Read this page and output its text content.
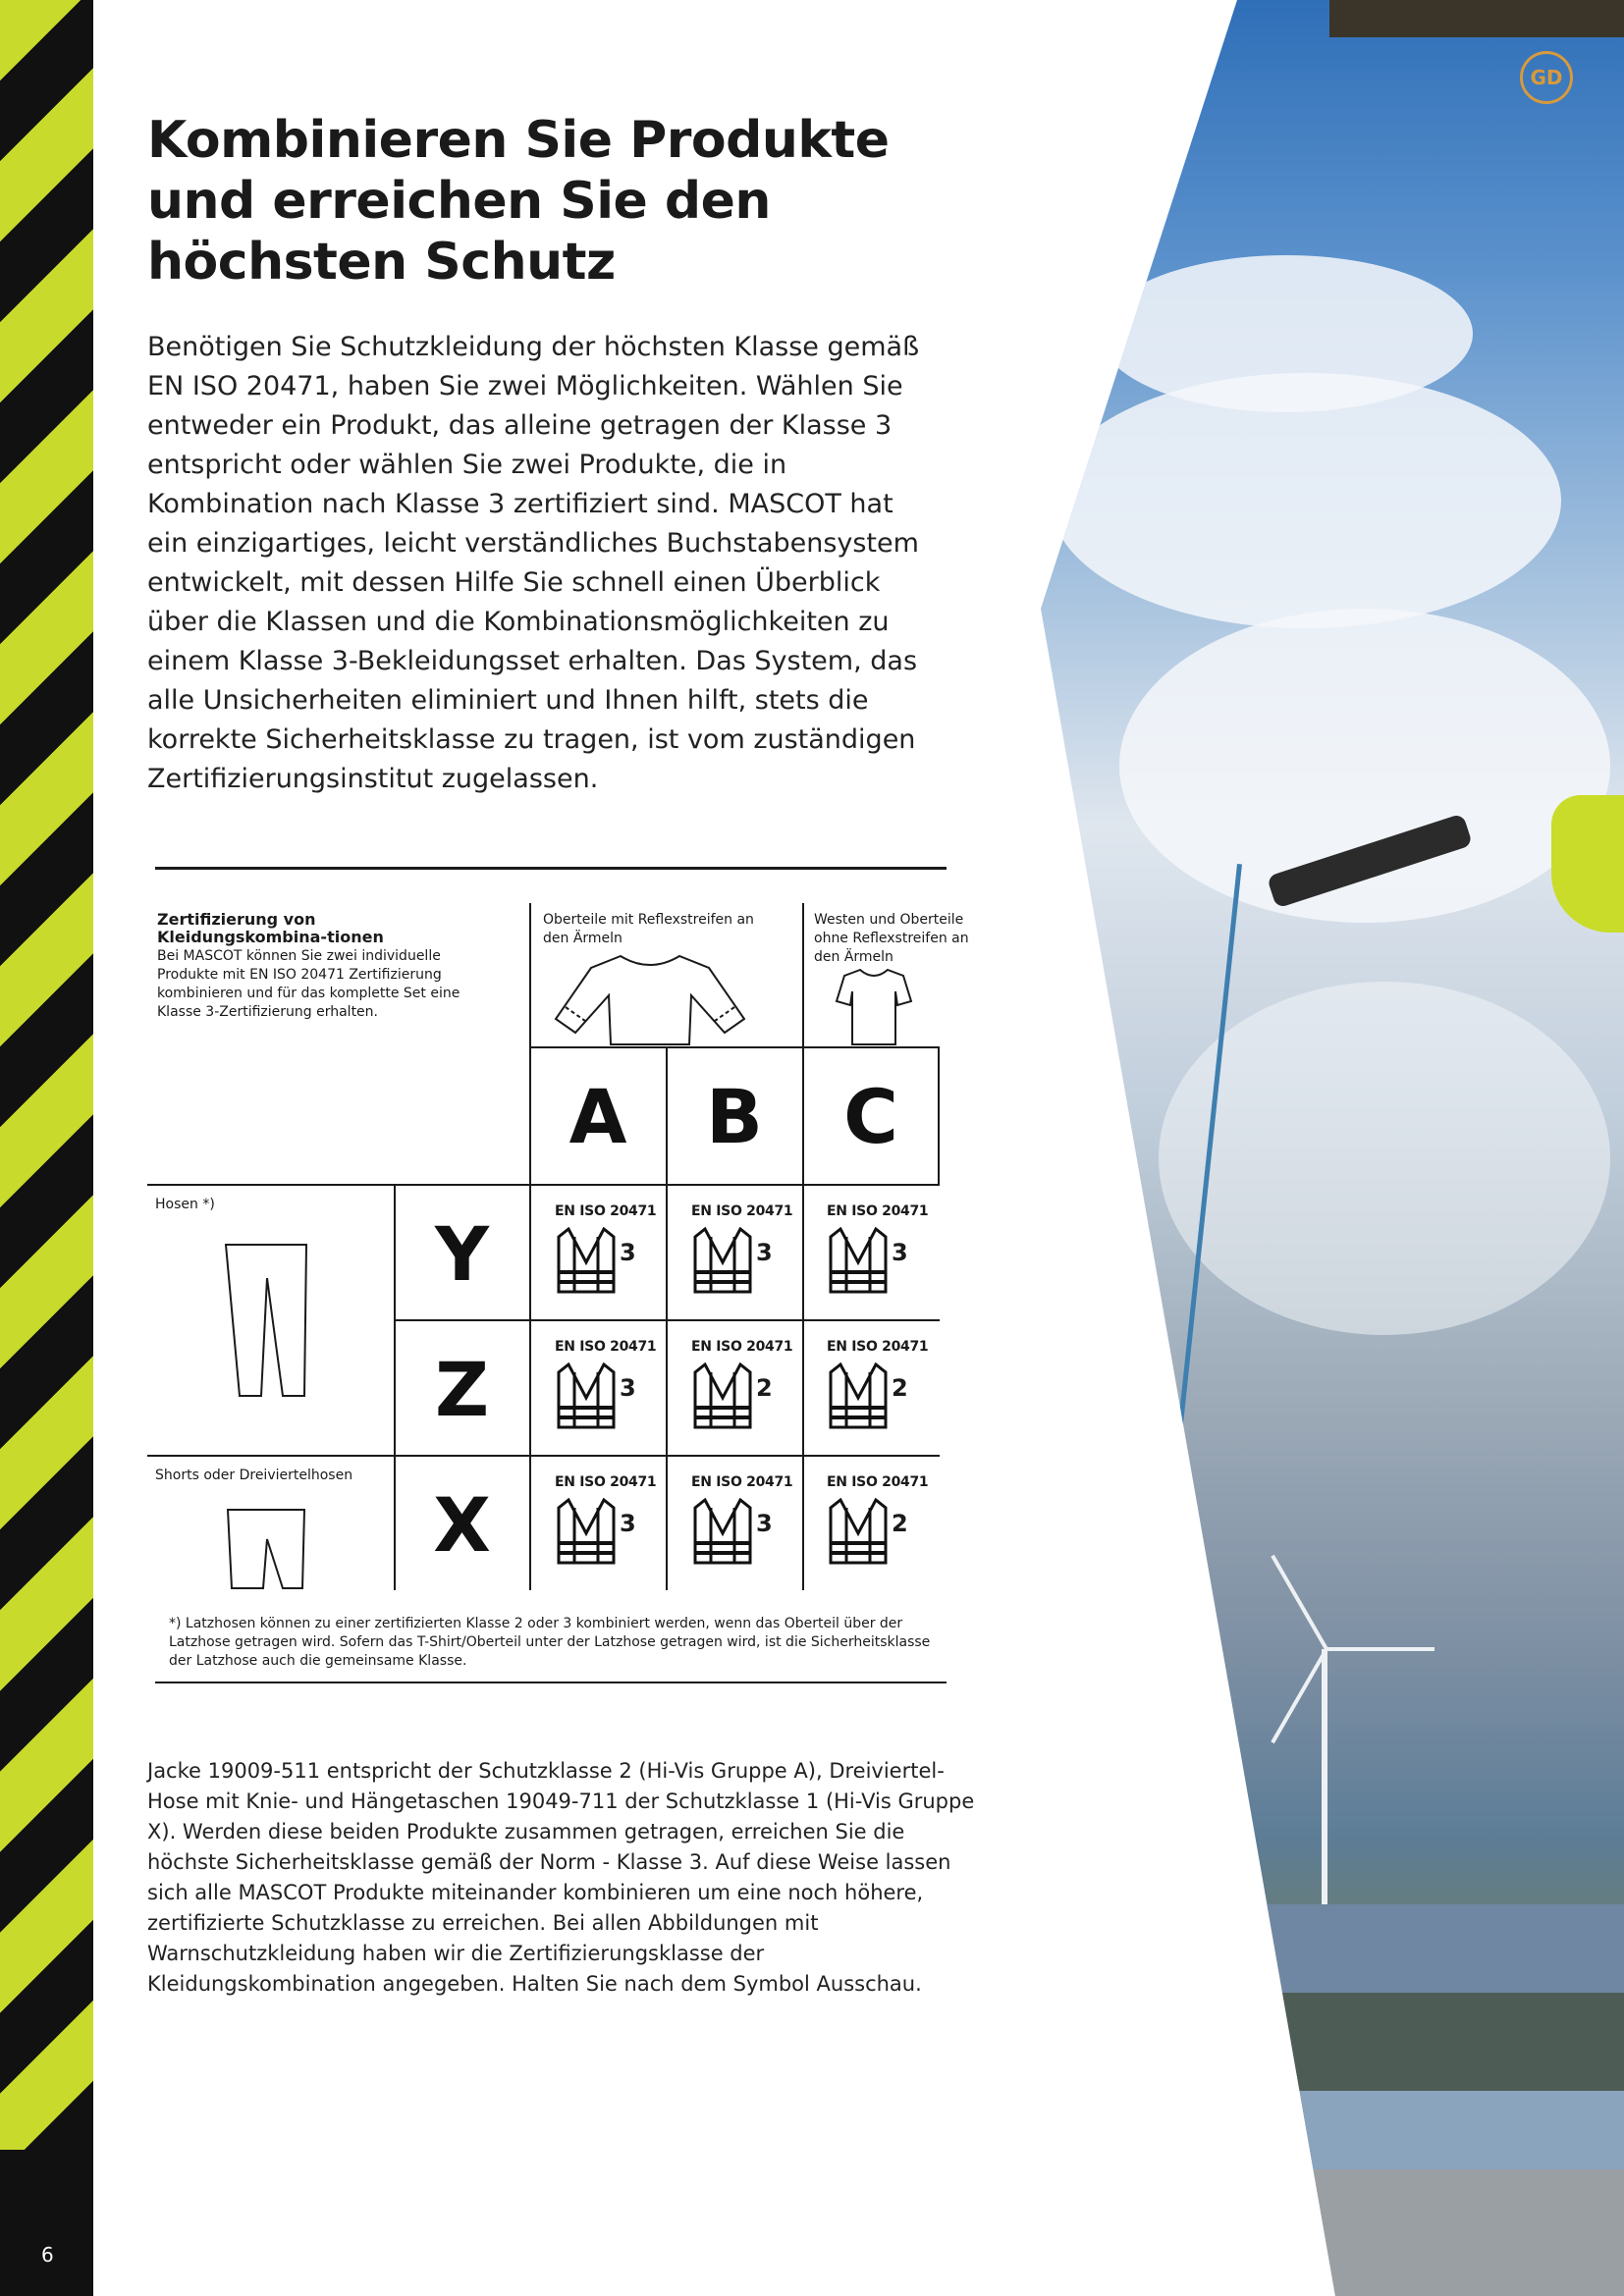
6
GD
Kombinieren Sie Produkte und erreichen Sie den höchsten Schutz

Benötigen Sie Schutzkleidung der höchsten Klasse gemäß EN ISO 20471, haben Sie zwei Möglichkeiten. Wählen Sie entweder ein Produkt, das alleine getragen der Klasse 3 entspricht oder wählen Sie zwei Produkte, die in Kombination nach Klasse 3 zertifiziert sind. MASCOT hat ein einzigartiges, leicht verständliches Buchstabensystem entwickelt, mit dessen Hilfe Sie schnell einen Überblick über die Klassen und die Kombinationsmöglichkeiten zu einem Klasse 3-Bekleidungsset erhalten. Das System, das alle Unsicherheiten eliminiert und Ihnen hilft, stets die korrekte Sicherheitsklasse zu tragen, ist vom zuständigen Zertifizierungsinstitut zugelassen.

Zertifizierung von Kleidungskombina-tionen

Bei MASCOT können Sie zwei individuelle Produkte mit EN ISO 20471 Zertifizierung kombinieren und für das komplette Set eine Klasse 3-Zertifizierung erhalten.

Oberteile mit Reflexstreifen an den Ärmeln

Westen und Oberteile ohne Reflexstreifen an den Ärmeln

A	B	C
Y
Z
X

Hosen *)

Shorts oder Dreiviertelhosen

EN ISO 20471
3
EN ISO 20471
3
EN ISO 20471
3
EN ISO 20471
3
EN ISO 20471
2
EN ISO 20471
2
EN ISO 20471
3
EN ISO 20471
3
EN ISO 20471
2

*) Latzhosen können zu einer zertifizierten Klasse 2 oder 3 kombiniert werden, wenn das Oberteil über der Latzhose getragen wird. Sofern das T-Shirt/Oberteil unter der Latzhose getragen wird, ist die Sicherheitsklasse der Latzhose auch die gemeinsame Klasse.

Jacke 19009-511 entspricht der Schutzklasse 2 (Hi-Vis Gruppe A), Dreiviertel-Hose mit Knie- und Hängetaschen 19049-711 der Schutzklasse 1 (Hi-Vis Gruppe X). Werden diese beiden Produkte zusammen getragen, erreichen Sie die höchste Sicherheitsklasse gemäß der Norm - Klasse 3. Auf diese Weise lassen sich alle MASCOT Produkte miteinander kombinieren um eine noch höhere, zertifizierte Schutzklasse zu erreichen. Bei allen Abbildungen mit Warnschutzkleidung haben wir die Zertifizierungsklasse der Kleidungskombination angegeben. Halten Sie nach dem Symbol Ausschau.
